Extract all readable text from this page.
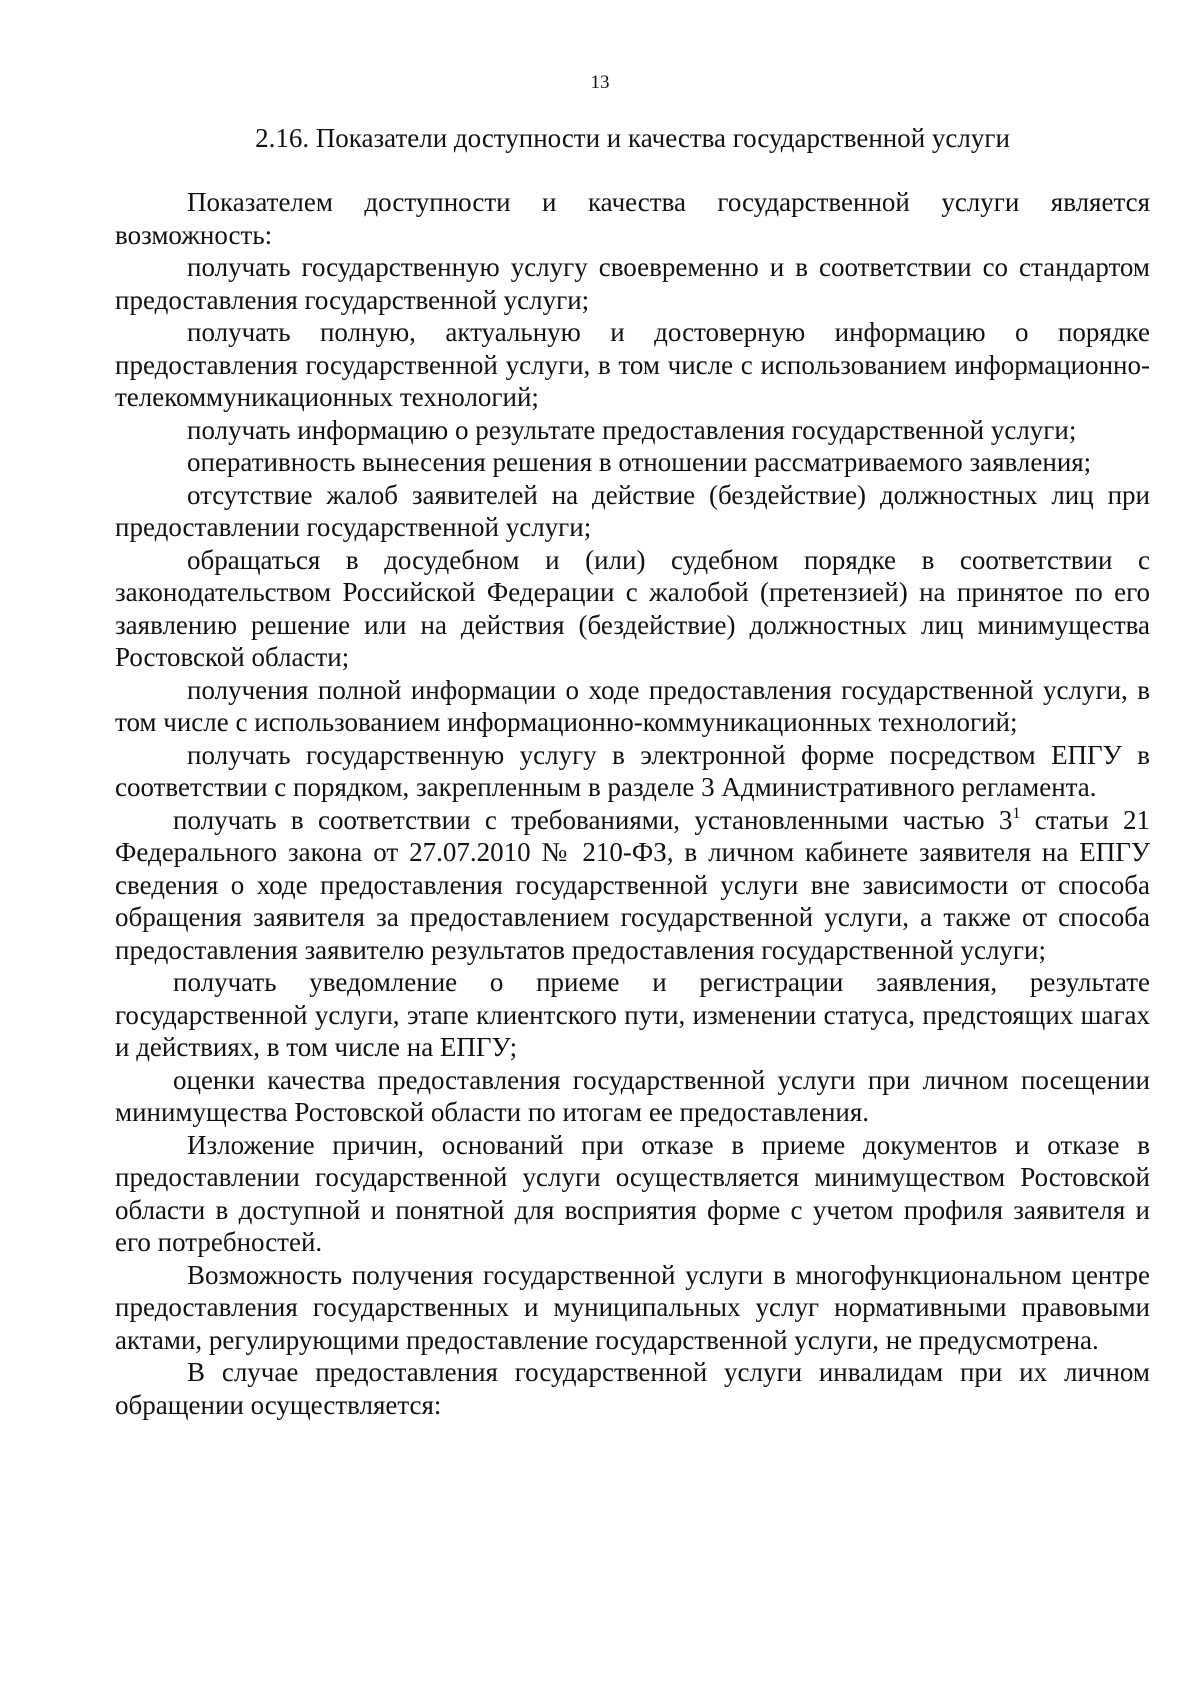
13
2.16. Показатели доступности и качества государственной услуги

Показателем доступности и качества государственной услуги является возможность:

получать государственную услугу своевременно и в соответствии со стандартом предоставления государственной услуги;

получать полную, актуальную и достоверную информацию о порядке предоставления государственной услуги, в том числе с использованием информационно-телекоммуникационных технологий;

получать информацию о результате предоставления государственной услуги;

оперативность вынесения решения в отношении рассматриваемого заявления;

отсутствие жалоб заявителей на действие (бездействие) должностных лиц при предоставлении государственной услуги;

обращаться в досудебном и (или) судебном порядке в соответствии с законодательством Российской Федерации с жалобой (претензией) на принятое по его заявлению решение или на действия (бездействие) должностных лиц минимущества Ростовской области;

получения полной информации о ходе предоставления государственной услуги, в том числе с использованием информационно-коммуникационных технологий;

получать государственную услугу в электронной форме посредством ЕПГУ в соответствии с порядком, закрепленным в разделе 3 Административного регламента.

получать в соответствии с требованиями, установленными частью $3^1$ статьи 21 Федерального закона от 27.07.2010 № 210-ФЗ, в личном кабинете заявителя на ЕПГУ сведения о ходе предоставления государственной услуги вне зависимости от способа обращения заявителя за предоставлением государственной услуги, а также от способа предоставления заявителю результатов предоставления государственной услуги;

получать уведомление о приеме и регистрации заявления, результате государственной услуги, этапе клиентского пути, изменении статуса, предстоящих шагах и действиях, в том числе на ЕПГУ;

оценки качества предоставления государственной услуги при личном посещении минимущества Ростовской области по итогам ее предоставления.

Изложение причин, оснований при отказе в приеме документов и отказе в предоставлении государственной услуги осуществляется минимуществом Ростовской области в доступной и понятной для восприятия форме с учетом профиля заявителя и его потребностей.

Возможность получения государственной услуги в многофункциональном центре предоставления государственных и муниципальных услуг нормативными правовыми актами, регулирующими предоставление государственной услуги, не предусмотрена.

В случае предоставления государственной услуги инвалидам при их личном обращении осуществляется:
